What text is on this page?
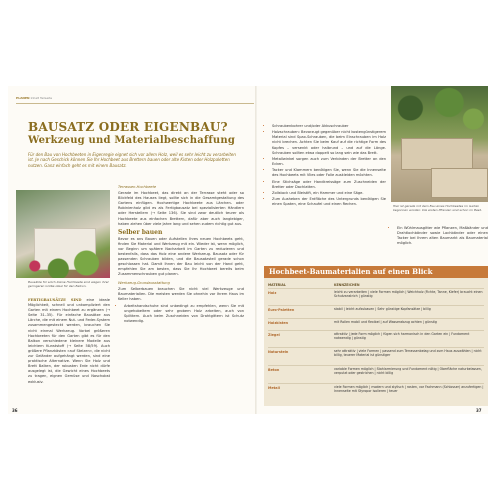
PLANEN Inhalt Teilseite
BAUSATZ ODER EIGENBAU?
Werkzeug und Materialbeschaffung
Für den Bau von Hochbeeten in Eigenregie eignet sich vor allem Holz, weil es sehr leicht zu verarbeiten ist. Je nach Geschick können Sie Ihr Hochbeet aus Brettern bauen oder alte Kisten oder Holzpaletten nutzen. Ganz einfach geht es mit einem Bausatz.
Bausätze für solch kleine Hochbeete sind wegen ihrer geringeren Größe ideal für den Balkon.

FERTIGBAUSÄTZE SIND eine ideale Möglichkeit, schnell und unkompliziert den Garten mit einem Hochbeet zu ergänzen (→ Seite 31–35). Für einfache Bausätze aus Lärche, die mit einem Nut- und Feder-System zusammengesteckt werden, brauchen Sie nicht einmal Werkzeug. Vorbei größeren Hochbeeten für den Garten gibt es für den Balkon verschiedene kleinere Modelle aus leichtem Kunststoff (→ Seite 58/59). Auch größere Pflanzkästen »auf Stelzen«, die nicht zur Geländer aufgehängt werden, sind eine praktische Alternative. Wenn Sie Holz und Brett Balken, der robusten Erde nicht dürfe ausgelegt ist, die Gewicht eines Hochbeets zu tragen, eignen Gemüse und Naschobst exklusiv.

Terrassen-Hochbeete

Gerade im Hochbeet, das direkt an der Terrasse steht oder so Blickfeld des Hauses liegt, sollte sich in die Gesamtgestaltung des Gartens einfügen. Hochwertige Hochbeete aus Lärchen- oder Robinienholz gibt es als Fertigbausatz bei spezialisierten Händlern oder Herstellern (→ Seite 136). Sie sind zwar deutlich teurer als Hochbeete aus einfachen Brettern, dafür aber auch langlebiger, haben ziehen über viele Jahre lang und sehen zudem richtig gut aus.

Selber bauen

Bevor es ans Bauen oder Aufstellen Ihres neuen Hochbeets geht, finden Sie Material und Werkzeug mit ein. Wieder ist, wenn möglich, vor Beginn um spätere Nacharbeit im Garten zu reduzieren und bestenfalls, dass das Holz eine andere Werkzeug. Bausatz oder für passenden Schrauben bilden, und die Bausatzsteil gerade schon geschlossen hat. Damit Ihnen der Bau leicht von der Hand geht, empfehlen Sie am besten, dass Sie Ihr Hochbeet bereits beim Zusammenschrauben gut planen.

Werkzeug-Grundausstattung

Zum Selberbauen brauchen Sie nicht viel Werkzeuge und Baumaterialien. Die meisten werden Sie ohnehin vor Ihrem Haus im Keller haben.

• Arbeitshandschuhe sind unbedingt zu empfehlen, wenn Sie mit ungehobeltem oder sehr grobem Holz arbeiten, auch von Splittern. Auch beim Zuschneiden von Drahtgittern ist Schutz notwendig.
36
• Schraubenbohrer und/oder Akkuschrauber
• Holzschrauben: Bevorzugt gegenüber nicht kostengünstigerem Material sind Spax-Schrauben, die beim Einschrauben im Holz nicht brechen. Achten Sie beim Kauf auf die richtige Form des Kopfes – versenkt oder halbrund – und auf die Länge. Schrauben sollten etwa doppelt so lang sein wie das Brett.
• Metallwinkel sorgen auch zum Verbinden der Bretter an den Ecken.
• Tacker und Klammern benötigen Sie, wenn Sie die Innenseite des Hochbeets mit Vlies oder Folie auskleiden möchten.
• Eine Stichsäge oder Handkreissäge zum Zuschneiden der Bretter oder Dachlatten.
• Zollstock und Bleistift, ein Hammer und eine Säge.
• Zum Ausheben der Erdfläche des Untergrunds benötigen Sie einen Spaten, eine Schaufel und einen Rechen.	Hier ist gerade mit dem Bau eines Hochbeetes im Garten begonnen worden: Die ersten Pflanzen sind schon im Beet.
• Ein Wühlmausgitter wie Pflanzen, Maßbänder und Drahtlochbänder sowie Lochbänder oder einen Tacker bei Ihrem alten Baumarkt als Baumaterial möglich.
Hochbeet-Baumaterialien auf einen Blick
MATERIAL	KENNZEICHEN
Holz	leicht zu verarbeiten | viele Formen möglich | Weichholz (Fichte, Tanne, Kiefer) braucht einen Schutzanstrich | günstig
Euro-Paletten	stabil | leicht aufzubauen | Sehr günstige Kopfansätze | billig
Holzkisten	mit Rollen mobil und flexibel | auf Wasserabzug achten | günstig
Ziegel	attraktiv | jede Form möglich | fügen sich harmonisch in den Garten ein | Fundament notwendig | günstig
Naturstein	sehr attraktiv | viele Formen | passend zum Terrassenbelag und zum Haus auswählen | nicht billig, teuerer Material ist günstiger
Beton	variable Formen möglich | Stahlarmierung und Fundament nötig | Oberfläche naturbelassen, verputzt oder gestrichen | nicht billig
Metall	viele Formen möglich | modern und stylisch | rosten, vor Fachmann (Schlosser) anzufertigen | Innenseite mit Styropor isolieren | teuer
37
